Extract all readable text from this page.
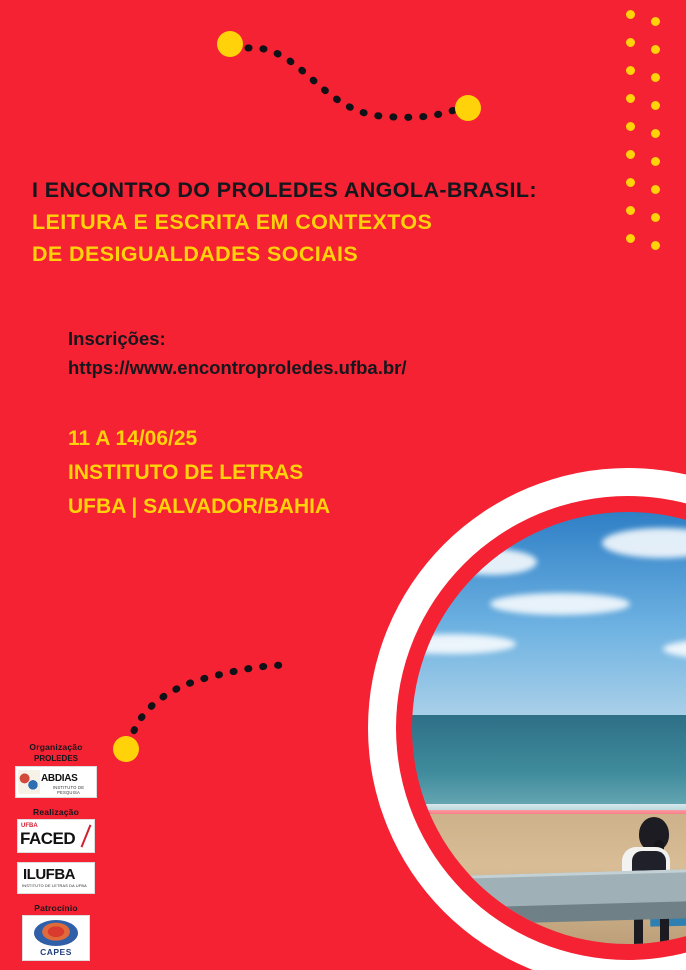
I ENCONTRO DO PROLEDES ANGOLA-BRASIL:
LEITURA E ESCRITA EM CONTEXTOS
DE DESIGUALDADES SOCIAIS
Inscrições:
https://www.encontroproledes.ufba.br/
11 A 14/06/25
INSTITUTO DE LETRAS
UFBA | SALVADOR/BAHIA
Organização
PROLEDES
ABDIAS
INSTITUTO DE PESQUISA
Realização
UFBA
FACED
ILUFBA
INSTITUTO DE LETRAS DA UFBA
Patrocínio
CAPES
